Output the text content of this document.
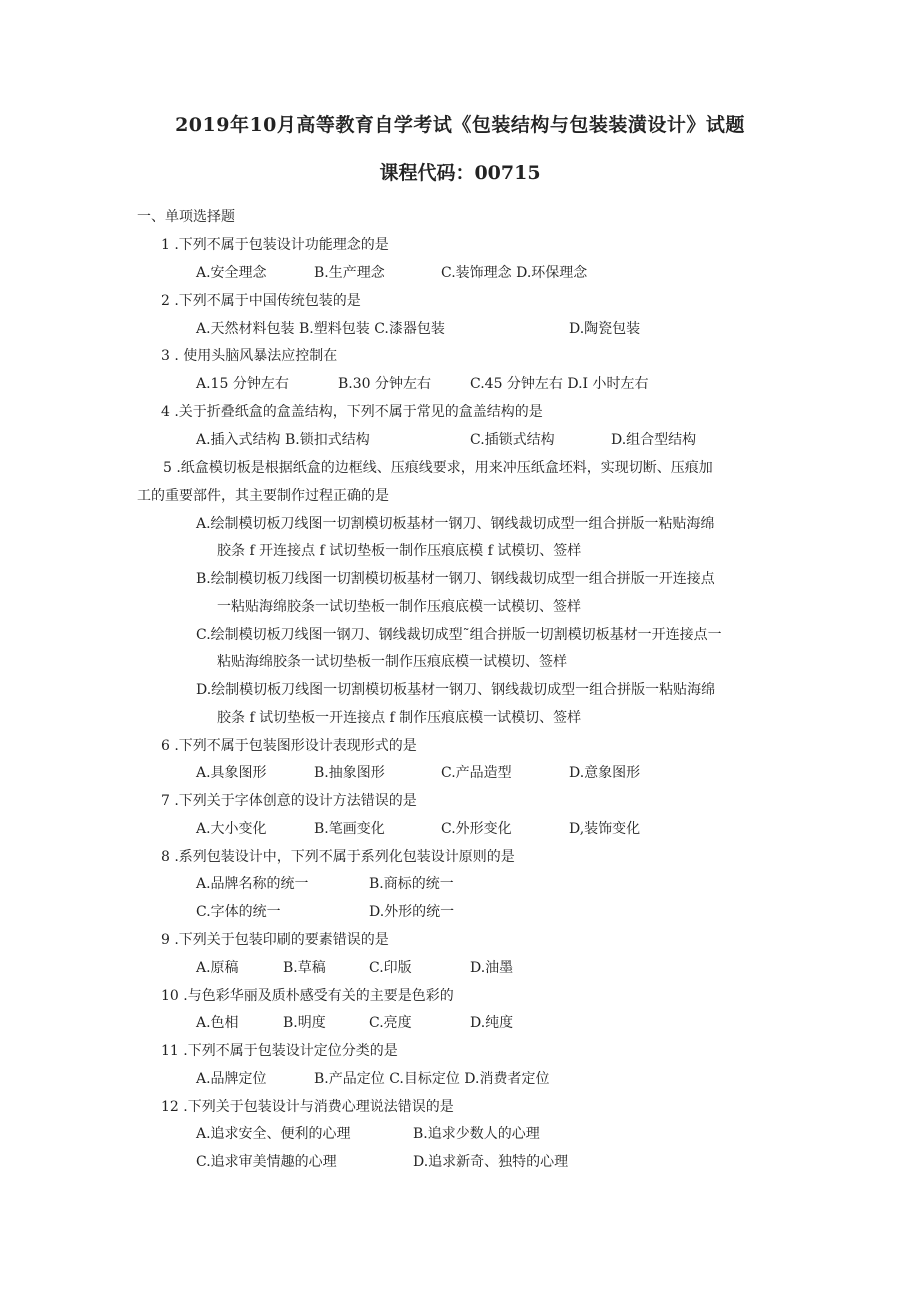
2019年10月高等教育自学考试《包装结构与包装装潢设计》试题
课程代码：00715
一、单项选择题
1 .下列不属于包装设计功能理念的是
A.安全理念	B.生产理念	C.装饰理念 D.环保理念
2 .下列不属于中国传统包装的是
A.天然材料包装 B.塑料包装 C.漆器包装	D.陶瓷包装
3 . 使用头脑风暴法应控制在
A.15 分钟左右	B.30 分钟左右	C.45 分钟左右 D.I 小时左右
4 .关于折叠纸盒的盒盖结构，下列不属于常见的盒盖结构的是
A.插入式结构 B.锁扣式结构	C.插锁式结构	D.组合型结构
5 .纸盒模切板是根据纸盒的边框线、压痕线要求，用来冲压纸盒坯料，实现切断、压痕加
工的重要部件，其主要制作过程正确的是
A.绘制模切板刀线图一切割模切板基材一钢刀、钢线裁切成型一组合拼版一粘贴海绵
胶条 f 开连接点 f 试切垫板一制作压痕底模 f 试模切、签样
B.绘制模切板刀线图一切割模切板基材一钢刀、钢线裁切成型一组合拼版一开连接点
一粘贴海绵胶条一试切垫板一制作压痕底模一试模切、签样
C.绘制模切板刀线图一钢刀、钢线裁切成型˜组合拼版一切割模切板基材一开连接点一
粘贴海绵胶条一试切垫板一制作压痕底模一试模切、签样
D.绘制模切板刀线图一切割模切板基材一钢刀、钢线裁切成型一组合拼版一粘贴海绵
胶条 f 试切垫板一开连接点 f 制作压痕底模一试模切、签样
6 .下列不属于包装图形设计表现形式的是
A.具象图形	B.抽象图形	C.产品造型	D.意象图形
7 .下列关于字体创意的设计方法错误的是
A.大小变化	B.笔画变化	C.外形变化	D,装饰变化
8 .系列包装设计中，下列不属于系列化包装设计原则的是
A.品牌名称的统一	B.商标的统一
C.字体的统一	D.外形的统一
9 .下列关于包装印刷的要素错误的是
A.原稿	B.草稿	C.印版	D.油墨
10 .与色彩华丽及质朴感受有关的主要是色彩的
A.色相	B.明度	C.亮度	D.纯度
11 .下列不属于包装设计定位分类的是
A.品牌定位	B.产品定位 C.目标定位 D.消费者定位
12 .下列关于包装设计与消费心理说法错误的是
A.追求安全、便利的心理	B.追求少数人的心理
C.追求审美情趣的心理	D.追求新奇、独特的心理
